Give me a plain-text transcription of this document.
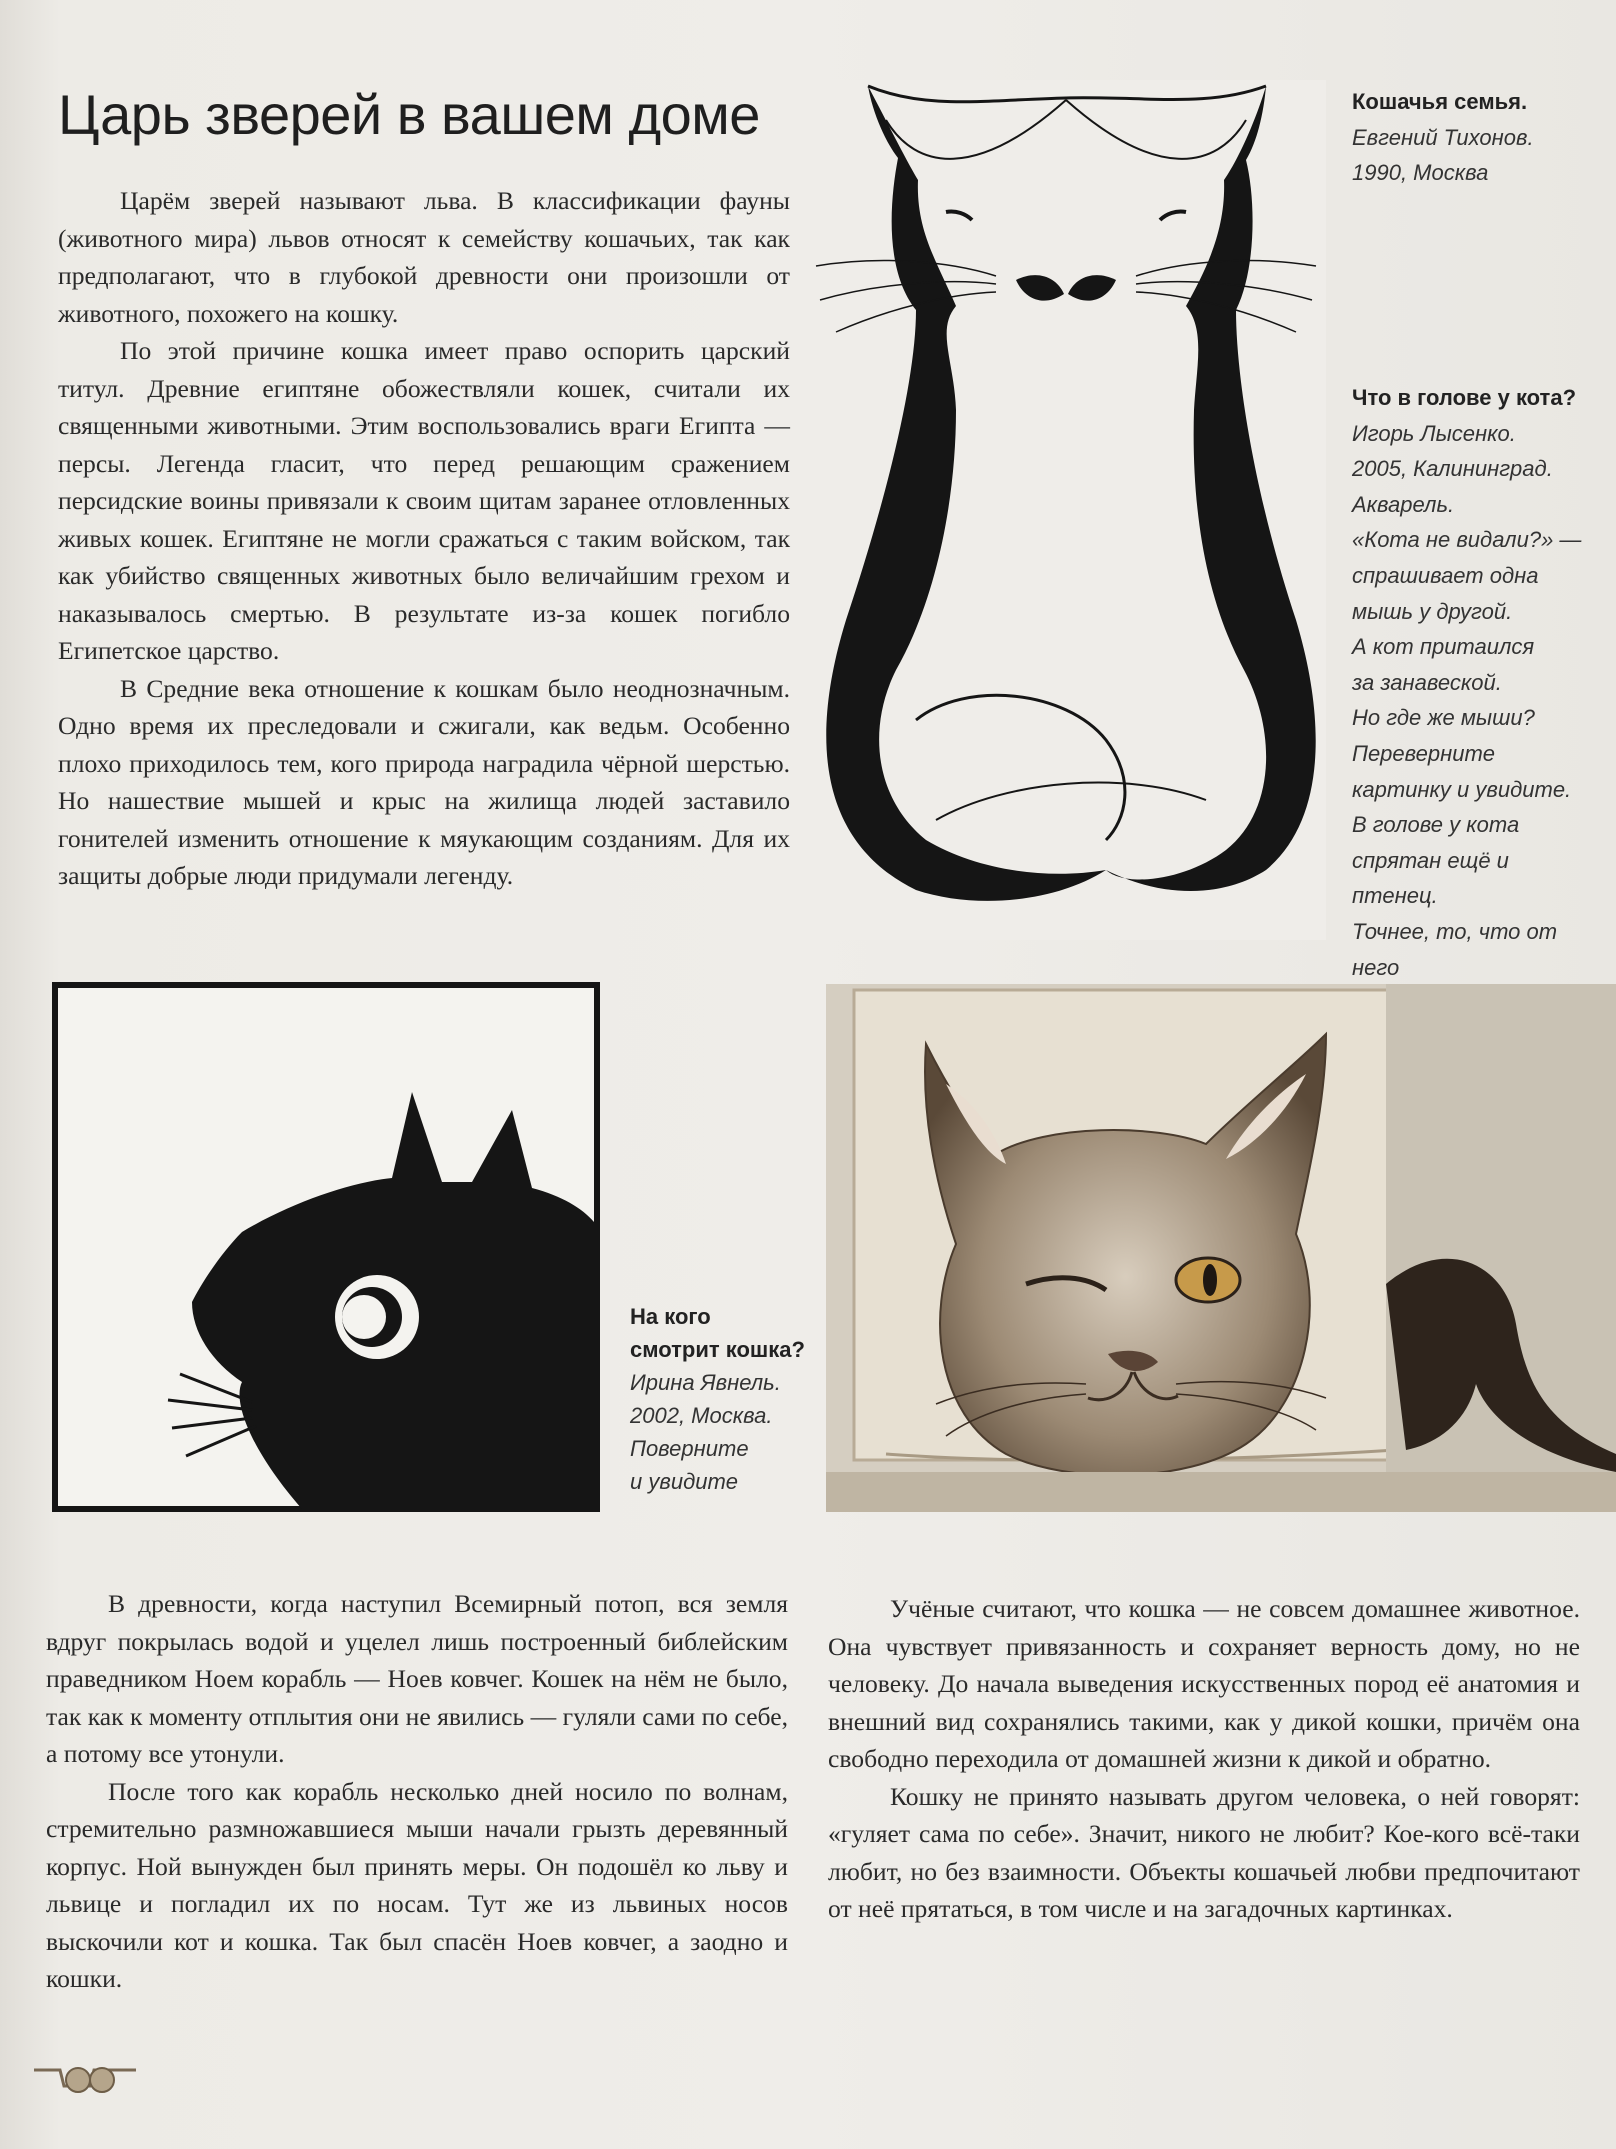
Царь зверей в вашем доме

Царём зверей называют льва. В классификации фауны (животного мира) львов относят к семейству кошачьих, так как предполагают, что в глубокой древности они произошли от животного, похожего на кошку.

По этой причине кошка имеет право оспорить царский титул. Древние египтяне обожествляли кошек, считали их священными животными. Этим воспользовались враги Египта — персы. Легенда гласит, что перед решающим сражением персидские воины привязали к своим щитам заранее отловленных живых кошек. Египтяне не могли сражаться с таким войском, так как убийство священных животных было величайшим грехом и наказывалось смертью. В результате из-за кошек погибло Египетское царство.

В Средние века отношение к кошкам было неоднозначным. Одно время их преследовали и сжигали, как ведьм. Особенно плохо приходилось тем, кого природа наградила чёрной шерстью. Но нашествие мышей и крыс на жилища людей заставило гонителей изменить отношение к мяукающим созданиям. Для их защиты добрые люди придумали легенду.

Кошачья семья.
Евгений Тихонов.
1990, Москва
Что в голове у кота?
Игорь Лысенко.
2005, Калининград.
Акварель.
«Кота не видали?» —
спрашивает одна
мышь у другой.
А кот притаился
за занавеской.
Но где же мыши?
Переверните
картинку и увидите.
В голове у кота
спрятан ещё и птенец.
Точнее, то, что от него
На кого
смотрит кошка?
Ирина Явнель.
2002, Москва.
Поверните
и увидите

В древности, когда наступил Всемирный потоп, вся земля вдруг покрылась водой и уцелел лишь построенный библейским праведником Ноем корабль — Ноев ковчег. Кошек на нём не было, так как к моменту отплытия они не явились — гуляли сами по себе, а потому все утонули.

После того как корабль несколько дней носило по волнам, стремительно размножавшиеся мыши начали грызть деревянный корпус. Ной вынужден был принять меры. Он подошёл ко льву и львице и погладил их по носам. Тут же из львиных носов выскочили кот и кошка. Так был спасён Ноев ковчег, а заодно и кошки.

Учёные считают, что кошка — не совсем домашнее животное. Она чувствует привязанность и сохраняет верность дому, но не человеку. До начала выведения искусственных пород её анатомия и внешний вид сохранялись такими, как у дикой кошки, причём она свободно переходила от домашней жизни к дикой и обратно.

Кошку не принято называть другом человека, о ней говорят: «гуляет сама по себе». Значит, никого не любит? Кое-кого всё-таки любит, но без взаимности. Объекты кошачьей любви предпочитают от неё прятаться, в том числе и на загадочных картинках.
